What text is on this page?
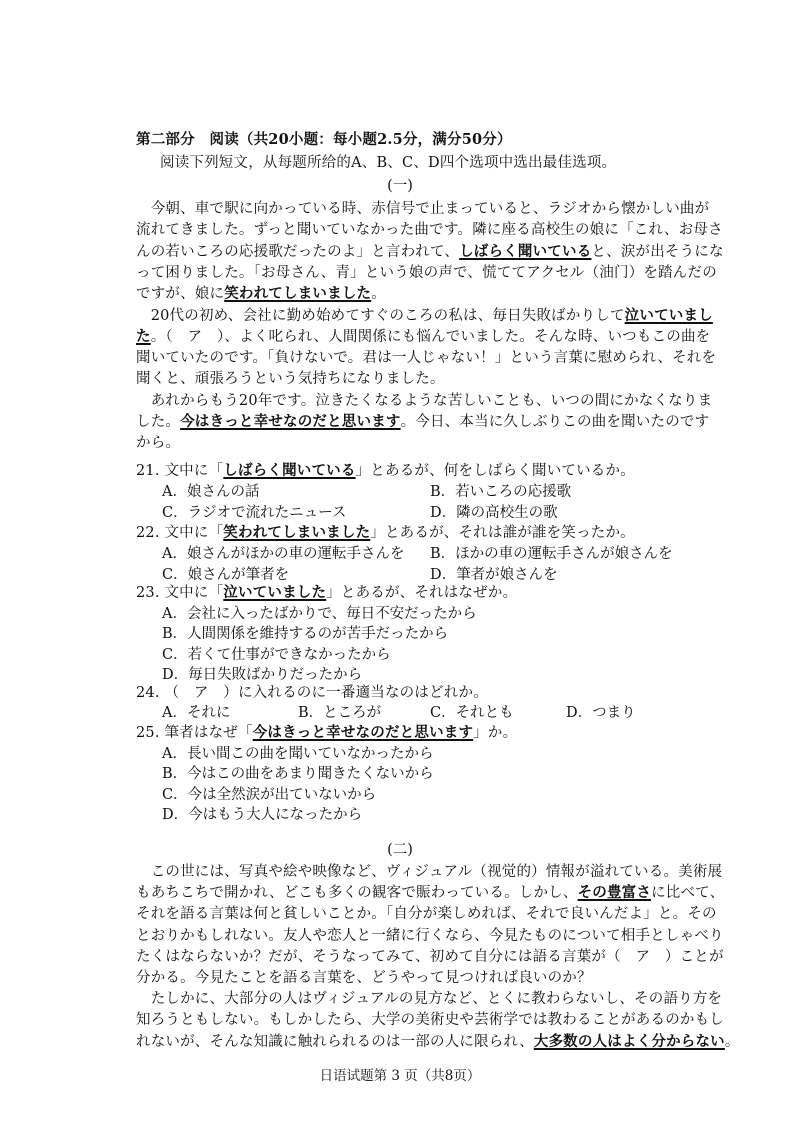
第二部分　阅读（共20小题：每小题2.5分，满分50分）
阅读下列短文，从每题所给的A、B、C、D四个选项中选出最佳选项。
(一)
　今朝、車で駅に向かっている時、赤信号で止まっていると、ラジオから懐かしい曲が
流れてきました。ずっと聞いていなかった曲です。隣に座る高校生の娘に「これ、お母さ
んの若いころの応援歌だったのよ」と言われて、しばらく聞いていると、涙が出そうにな
って困りました。「お母さん、青」という娘の声で、慌ててアクセル（油门）を踏んだの
ですが、娘に笑われてしまいました。
　20代の初め、会社に勤め始めてすぐのころの私は、毎日失敗ばかりして泣いていまし
た。（　ア　）、よく叱られ、人間関係にも悩んでいました。そんな時、いつもこの曲を
聞いていたのです。「負けないで。君は一人じゃない！」という言葉に慰められ、それを
聞くと、頑張ろうという気持ちになりました。
　あれからもう20年です。泣きたくなるような苦しいことも、いつの間にかなくなりま
した。今はきっと幸せなのだと思います。今日、本当に久しぶりこの曲を聞いたのです
から。
21. 文中に「しばらく聞いている」とあるが、何をしばらく聞いているか。
A．娘さんの話	B．若いころの応援歌
C．ラジオで流れたニュース	D．隣の高校生の歌
22. 文中に「笑われてしまいました」とあるが、それは誰が誰を笑ったか。
A．娘さんがほかの車の運転手さんを B．ほかの車の運転手さんが娘さんを
C．娘さんが筆者を	D．筆者が娘さんを
23. 文中に「泣いていました」とあるが、それはなぜか。
A．会社に入ったばかりで、毎日不安だったから
B．人間関係を維持するのが苦手だったから
C．若くて仕事ができなかったから
D．毎日失敗ばかりだったから
24. （　ア　）に入れるのに一番適当なのはどれか。
A．それに	B．ところが	C．それとも	D．つまり
25. 筆者はなぜ「今はきっと幸せなのだと思います」か。
A．長い間この曲を聞いていなかったから
B．今はこの曲をあまり聞きたくないから
C．今は全然涙が出ていないから
D．今はもう大人になったから
(二)
　この世には、写真や絵や映像など、ヴィジュアル（视觉的）情報が溢れている。美術展
もあちこちで開かれ、どこも多くの観客で賑わっている。しかし、その豊富さに比べて、
それを語る言葉は何と貧しいことか。「自分が楽しめれば、それで良いんだよ」と。その
とおりかもしれない。友人や恋人と一緒に行くなら、今見たものについて相手としゃべり
たくはならないか？だが、そうなってみて、初めて自分には語る言葉が（　ア　）ことが
分かる。今見たことを語る言葉を、どうやって見つければ良いのか？
　たしかに、大部分の人はヴィジュアルの見方など、とくに教わらないし、その語り方を
知ろうともしない。もしかしたら、大学の美術史や芸術学では教わることがあるのかもし
れないが、そんな知識に触れられるのは一部の人に限られ、大多数の人はよく分からない。
日语试题第 3 页（共8页）
